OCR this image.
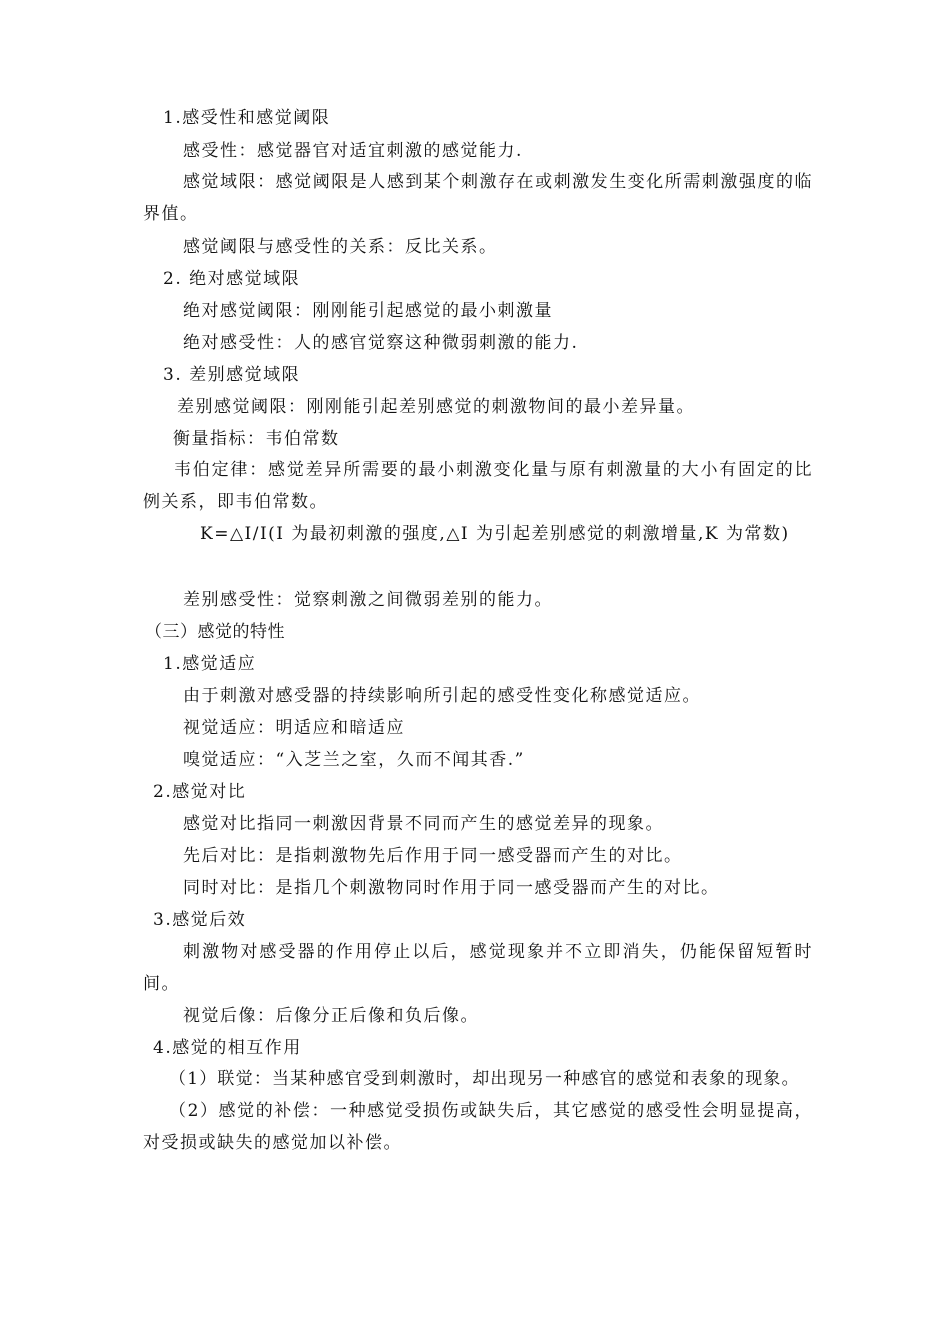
1.感受性和感觉阈限
感受性：感觉器官对适宜刺激的感觉能力.
感觉域限：感觉阈限是人感到某个刺激存在或刺激发生变化所需刺激强度的临界值。
感觉阈限与感受性的关系：反比关系。
2. 绝对感觉域限
绝对感觉阈限：刚刚能引起感觉的最小刺激量
绝对感受性：人的感官觉察这种微弱刺激的能力.
3. 差别感觉域限
差别感觉阈限：刚刚能引起差别感觉的刺激物间的最小差异量。
衡量指标：韦伯常数
韦伯定律：感觉差异所需要的最小刺激变化量与原有刺激量的大小有固定的比例关系，即韦伯常数。
K=△I/I(I 为最初刺激的强度,△I 为引起差别感觉的刺激增量,K 为常数)
差别感受性：觉察刺激之间微弱差别的能力。
（三）感觉的特性
1.感觉适应
由于刺激对感受器的持续影响所引起的感受性变化称感觉适应。
视觉适应：明适应和暗适应
嗅觉适应：“入芝兰之室，久而不闻其香.”
2.感觉对比
感觉对比指同一刺激因背景不同而产生的感觉差异的现象。
先后对比：是指刺激物先后作用于同一感受器而产生的对比。
同时对比：是指几个刺激物同时作用于同一感受器而产生的对比。
3.感觉后效
刺激物对感受器的作用停止以后，感觉现象并不立即消失，仍能保留短暂时间。
视觉后像：后像分正后像和负后像。
4.感觉的相互作用
（1）联觉：当某种感官受到刺激时，却出现另一种感官的感觉和表象的现象。
（2）感觉的补偿：一种感觉受损伤或缺失后，其它感觉的感受性会明显提高，对受损或缺失的感觉加以补偿。
